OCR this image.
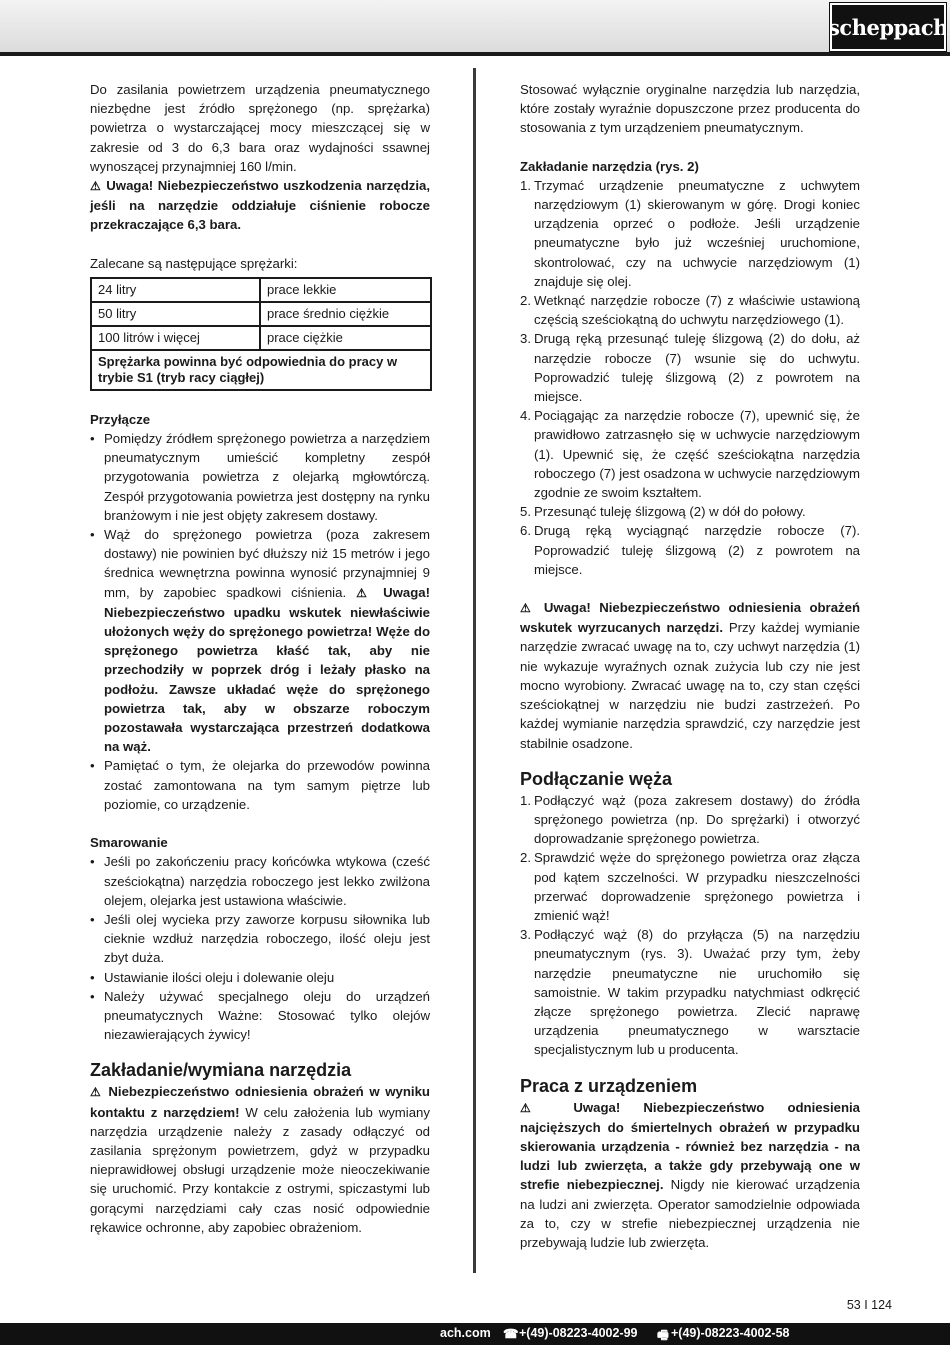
scheppach

Do zasilania powietrzem urządzenia pneumatycznego niezbędne jest źródło sprężonego (np. sprężarka) powietrza o wystarczającej mocy mieszczącej się w zakresie od 3 do 6,3 bara oraz wydajności ssawnej wynoszącej przynajmniej 160 l/min.

⚠ Uwaga! Niebezpieczeństwo uszkodzenia narzędzia, jeśli na narzędzie oddziałuje ciśnienie robocze przekraczające 6,3 bara.

Zalecane są następujące sprężarki:

24 litry	prace lekkie
50 litry	prace średnio ciężkie
100 litrów i więcej	prace ciężkie
Sprężarka powinna być odpowiednia do pracy w trybie S1 (tryb racy ciągłej)	

Przyłącze

• Pomiędzy źródłem sprężonego powietrza a narzędziem pneumatycznym umieścić kompletny zespół przygotowania powietrza z olejarką mgłowtórczą. Zespół przygotowania powietrza jest dostępny na rynku branżowym i nie jest objęty zakresem dostawy.
• Wąż do sprężonego powietrza (poza zakresem dostawy) nie powinien być dłuższy niż 15 metrów i jego średnica wewnętrzna powinna wynosić przynajmniej 9 mm, by zapobiec spadkowi ciśnienia. ⚠ Uwaga! Niebezpieczeństwo upadku wskutek niewłaściwie ułożonych węży do sprężonego powietrza! Węże do sprężonego powietrza kłaść tak, aby nie przechodziły w poprzek dróg i leżały płasko na podłożu. Zawsze układać węże do sprężonego powietrza tak, aby w obszarze roboczym pozostawała wystarczająca przestrzeń dodatkowa na wąż.
• Pamiętać o tym, że olejarka do przewodów powinna zostać zamontowana na tym samym piętrze lub poziomie, co urządzenie.

Smarowanie

• Jeśli po zakończeniu pracy końcówka wtykowa (cześć sześciokątna) narzędzia roboczego jest lekko zwilżona olejem, olejarka jest ustawiona właściwie.
• Jeśli olej wycieka przy zaworze korpusu siłownika lub cieknie wzdłuż narzędzia roboczego, ilość oleju jest zbyt duża.
• Ustawianie ilości oleju i dolewanie oleju
• Należy używać specjalnego oleju do urządzeń pneumatycznych Ważne: Stosować tylko olejów niezawierających żywicy!
Zakładanie/wymiana narzędzia

⚠ Niebezpieczeństwo odniesienia obrażeń w wyniku kontaktu z narzędziem! W celu założenia lub wymiany narzędzia urządzenie należy z zasady odłączyć od zasilania sprężonym powietrzem, gdyż w przypadku nieprawidłowej obsługi urządzenie może nieoczekiwanie się uruchomić. Przy kontakcie z ostrymi, spiczastymi lub gorącymi narzędziami cały czas nosić odpowiednie rękawice ochronne, aby zapobiec obrażeniom.

Stosować wyłącznie oryginalne narzędzia lub narzędzia, które zostały wyraźnie dopuszczone przez producenta do stosowania z tym urządzeniem pneumatycznym.

Zakładanie narzędzia (rys. 2)

1. Trzymać urządzenie pneumatyczne z uchwytem narzędziowym (1) skierowanym w górę. Drogi koniec urządzenia oprzeć o podłoże. Jeśli urządzenie pneumatyczne było już wcześniej uruchomione, skontrolować, czy na uchwycie narzędziowym (1) znajduje się olej.
2. Wetknąć narzędzie robocze (7) z właściwie ustawioną częścią sześciokątną do uchwytu narzędziowego (1).
3. Drugą ręką przesunąć tuleję ślizgową (2) do dołu, aż narzędzie robocze (7) wsunie się do uchwytu. Poprowadzić tuleję ślizgową (2) z powrotem na miejsce.
4. Pociągając za narzędzie robocze (7), upewnić się, że prawidłowo zatrzasnęło się w uchwycie narzędziowym (1). Upewnić się, że część sześciokątna narzędzia roboczego (7) jest osadzona w uchwycie narzędziowym zgodnie ze swoim kształtem.
5. Przesunąć tuleję ślizgową (2) w dół do połowy.
6. Drugą ręką wyciągnąć narzędzie robocze (7). Poprowadzić tuleję ślizgową (2) z powrotem na miejsce.

⚠ Uwaga! Niebezpieczeństwo odniesienia obrażeń wskutek wyrzucanych narzędzi. Przy każdej wymianie narzędzie zwracać uwagę na to, czy uchwyt narzędzia (1) nie wykazuje wyraźnych oznak zużycia lub czy nie jest mocno wyrobiony. Zwracać uwagę na to, czy stan części sześciokątnej w narzędziu nie budzi zastrzeżeń. Po każdej wymianie narzędzia sprawdzić, czy narzędzie jest stabilnie osadzone.

Podłączanie węża
1. Podłączyć wąż (poza zakresem dostawy) do źródła sprężonego powietrza (np. Do sprężarki) i otworzyć doprowadzanie sprężonego powietrza.
2. Sprawdzić węże do sprężonego powietrza oraz złącza pod kątem szczelności. W przypadku nieszczelności przerwać doprowadzenie sprężonego powietrza i zmienić wąż!
3. Podłączyć wąż (8) do przyłącza (5) na narzędziu pneumatycznym (rys. 3). Uważać przy tym, żeby narzędzie pneumatyczne nie uruchomiło się samoistnie. W takim przypadku natychmiast odkręcić złącze sprężonego powietrza. Zlecić naprawę urządzenia pneumatycznego w warsztacie specjalistycznym lub u producenta.
Praca z urządzeniem

⚠ Uwaga! Niebezpieczeństwo odniesienia najcięższych do śmiertelnych obrażeń w przypadku skierowania urządzenia - również bez narzędzia - na ludzi lub zwierzęta, a także gdy przebywają one w strefie niebezpiecznej. Nigdy nie kierować urządzenia na ludzi ani zwierzęta. Operator samodzielnie odpowiada za to, czy w strefie niebezpiecznej urządzenia nie przebywają ludzie lub zwierzęta.

53 I 124
ach.com ☎ +(49)-08223-4002-99 🖷 +(49)-08223-4002-58
